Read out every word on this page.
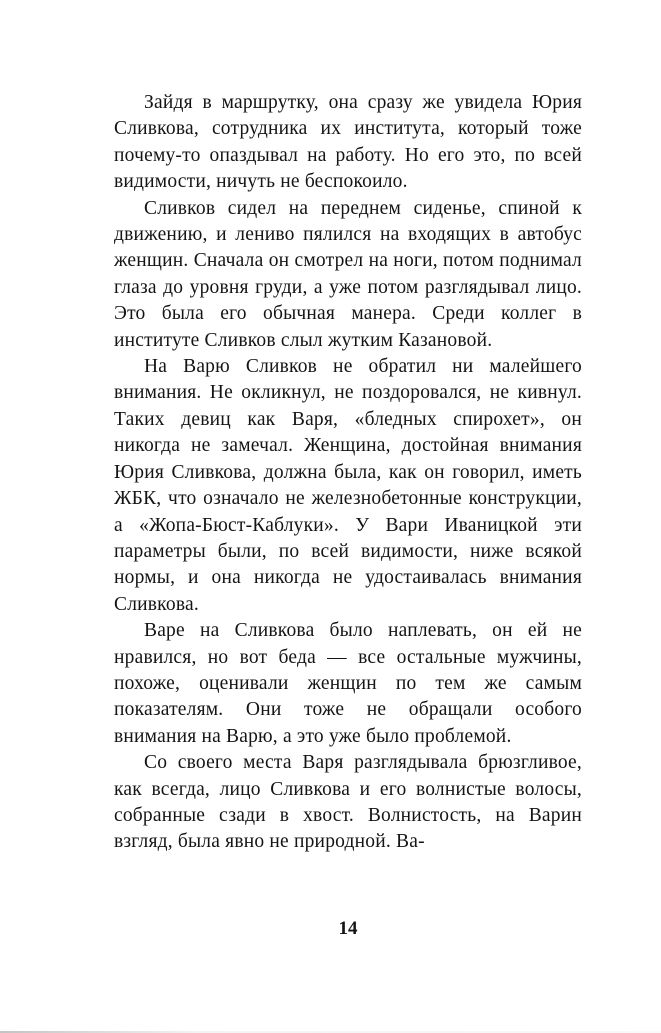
Зайдя в маршрутку, она сразу же увидела Юрия Сливкова, сотрудника их института, который тоже почему-то опаздывал на работу. Но его это, по всей видимости, ничуть не беспокоило.

Сливков сидел на переднем сиденье, спиной к движению, и лениво пялился на входящих в автобус женщин. Сначала он смотрел на ноги, потом поднимал глаза до уровня груди, а уже потом разглядывал лицо. Это была его обычная манера. Среди коллег в институте Сливков слыл жутким Казановой.

На Варю Сливков не обратил ни малейшего внимания. Не окликнул, не поздоровался, не кивнул. Таких девиц как Варя, «бледных спирохет», он никогда не замечал. Женщина, достойная внимания Юрия Сливкова, должна была, как он говорил, иметь ЖБК, что означало не железнобетонные конструкции, а «Жопа-Бюст-Каблуки». У Вари Иваницкой эти параметры были, по всей видимости, ниже всякой нормы, и она никогда не удостаивалась внимания Сливкова.

Варе на Сливкова было наплевать, он ей не нравился, но вот беда — все остальные мужчины, похоже, оценивали женщин по тем же самым показателям. Они тоже не обращали особого внимания на Варю, а это уже было проблемой.

Со своего места Варя разглядывала брюзгливое, как всегда, лицо Сливкова и его волнистые волосы, собранные сзади в хвост. Волнистость, на Варин взгляд, была явно не природной. Ва-

14
